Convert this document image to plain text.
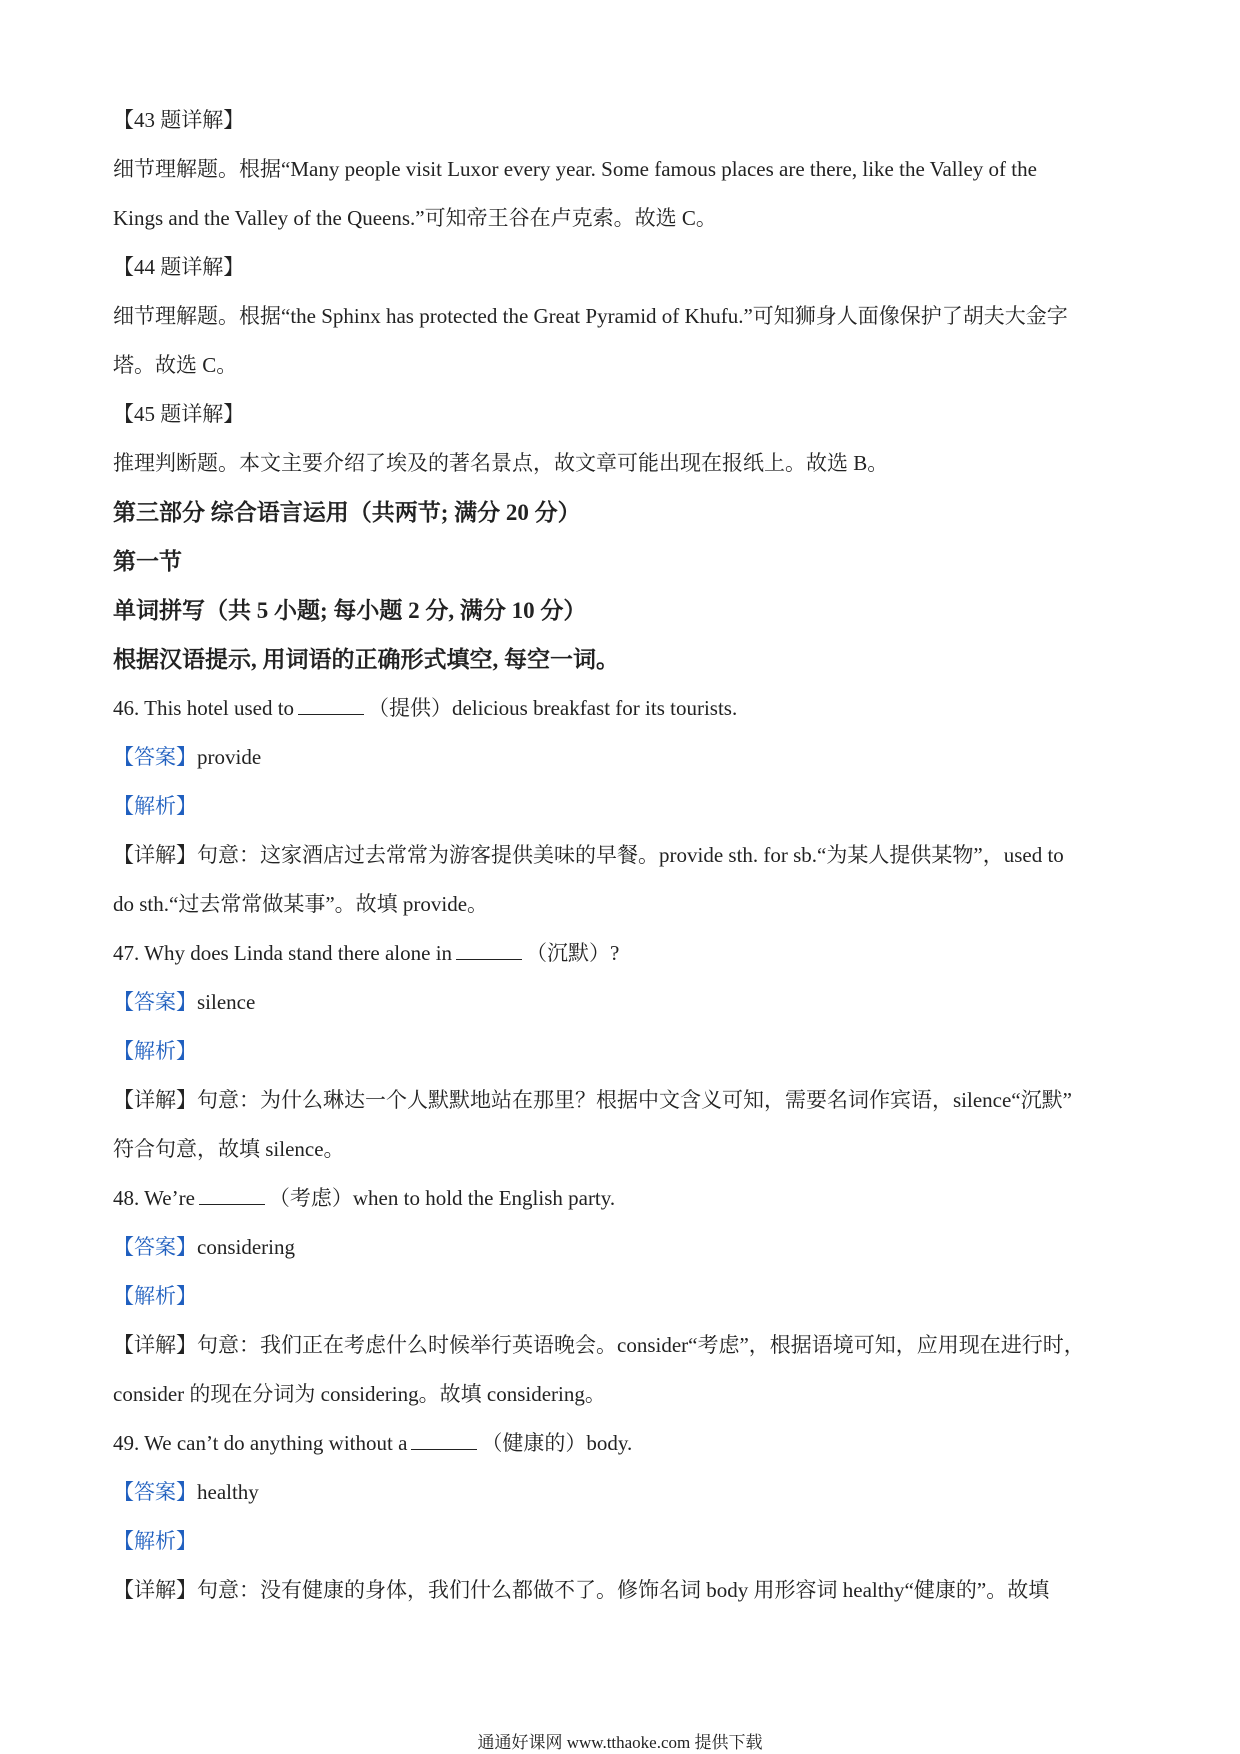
【43 题详解】
细节理解题。根据“Many people visit Luxor every year. Some famous places are there, like the Valley of the
Kings and the Valley of the Queens.”可知帝王谷在卢克索。故选 C。
【44 题详解】
细节理解题。根据“the Sphinx has protected the Great Pyramid of Khufu.”可知狮身人面像保护了胡夫大金字
塔。故选 C。
【45 题详解】
推理判断题。本文主要介绍了埃及的著名景点，故文章可能出现在报纸上。故选 B。
第三部分 综合语言运用（共两节; 满分 20 分）
第一节
单词拼写（共 5 小题; 每小题 2 分, 满分 10 分）
根据汉语提示, 用词语的正确形式填空, 每空一词。
46. This hotel used to	（提供）delicious breakfast for its tourists.
【答案】provide
【解析】
【详解】句意：这家酒店过去常常为游客提供美味的早餐。provide sth. for sb.“为某人提供某物”，used to
do sth.“过去常常做某事”。故填 provide。
47. Why does Linda stand there alone in	（沉默）?
【答案】silence
【解析】
【详解】句意：为什么琳达一个人默默地站在那里？根据中文含义可知，需要名词作宾语，silence“沉默”
符合句意，故填 silence。
48. We’re	（考虑）when to hold the English party.
【答案】considering
【解析】
【详解】句意：我们正在考虑什么时候举行英语晚会。consider“考虑”，根据语境可知，应用现在进行时，
consider 的现在分词为 considering。故填 considering。
49. We can’t do anything without a	（健康的）body.
【答案】healthy
【解析】
【详解】句意：没有健康的身体，我们什么都做不了。修饰名词 body 用形容词 healthy“健康的”。故填
通通好课网 www.tthaoke.com 提供下载
